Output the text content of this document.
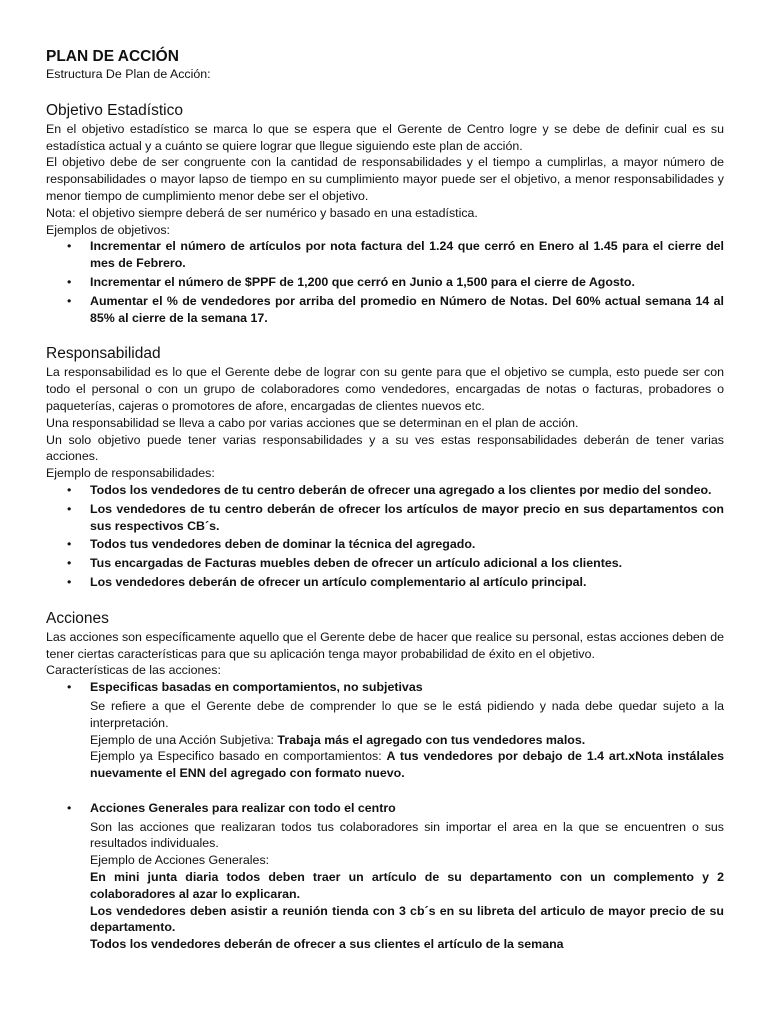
PLAN DE ACCIÓN
Estructura De Plan de Acción:
Objetivo Estadístico
En el objetivo estadístico se marca lo que se espera que el Gerente de Centro logre y se debe de definir cual es su estadística actual y a cuánto se quiere lograr que llegue siguiendo este plan de acción.
El objetivo debe de ser congruente con la cantidad de responsabilidades y el tiempo a cumplirlas, a mayor número de responsabilidades o mayor lapso de tiempo en su cumplimiento mayor puede ser el objetivo, a menor responsabilidades y menor tiempo de cumplimiento menor debe ser el objetivo.
Nota: el objetivo siempre deberá de ser numérico y basado en una estadística.
Ejemplos de objetivos:
• Incrementar el número de artículos por nota factura del 1.24 que cerró en Enero al 1.45 para el cierre del mes de Febrero.
• Incrementar el número de $PPF de 1,200 que cerró en Junio a 1,500 para el cierre de Agosto.
• Aumentar el % de vendedores por arriba del promedio en Número de Notas. Del 60% actual semana 14 al 85% al cierre de la semana 17.
Responsabilidad
La responsabilidad es lo que el Gerente debe de lograr con su gente para que el objetivo se cumpla, esto puede ser con todo el personal o con un grupo de colaboradores como vendedores, encargadas de notas o facturas, probadores o paqueterías, cajeras o promotores de afore, encargadas de clientes nuevos etc.
Una responsabilidad se lleva a cabo por varias acciones que se determinan en el plan de acción.
Un solo objetivo puede tener varias responsabilidades y a su ves estas responsabilidades deberán de tener varias acciones.
Ejemplo de responsabilidades:
• Todos los vendedores de tu centro deberán de ofrecer una agregado a los clientes por medio del sondeo.
• Los vendedores de tu centro deberán de ofrecer los artículos de mayor precio en sus departamentos con sus respectivos CB´s.
• Todos tus vendedores deben de dominar la técnica del agregado.
• Tus encargadas de Facturas muebles deben de ofrecer un artículo adicional a los clientes.
• Los vendedores deberán de ofrecer un artículo complementario al artículo principal.
Acciones
Las acciones son específicamente aquello que el Gerente debe de hacer que realice su personal, estas acciones deben de tener ciertas características para que su aplicación tenga mayor probabilidad de éxito en el objetivo.
Características de las acciones:
• Especificas basadas en comportamientos, no subjetivas
Se refiere a que el Gerente debe de comprender lo que se le está pidiendo y nada debe quedar sujeto a la interpretación.
Ejemplo de una Acción Subjetiva: Trabaja más el agregado con tus vendedores malos.
Ejemplo ya Especifico basado en comportamientos: A tus vendedores por debajo de 1.4 art.xNota instálales nuevamente el ENN del agregado con formato nuevo.
• Acciones Generales para realizar con todo el centro
Son las acciones que realizaran todos tus colaboradores sin importar el area en la que se encuentren o sus resultados individuales.
Ejemplo de Acciones Generales:
En mini junta diaria todos deben traer un artículo de su departamento con un complemento y 2 colaboradores al azar lo explicaran.
Los vendedores deben asistir a reunión tienda con 3 cb´s en su libreta del articulo de mayor precio de su departamento.
Todos los vendedores deberán de ofrecer a sus clientes el artículo de la semana
